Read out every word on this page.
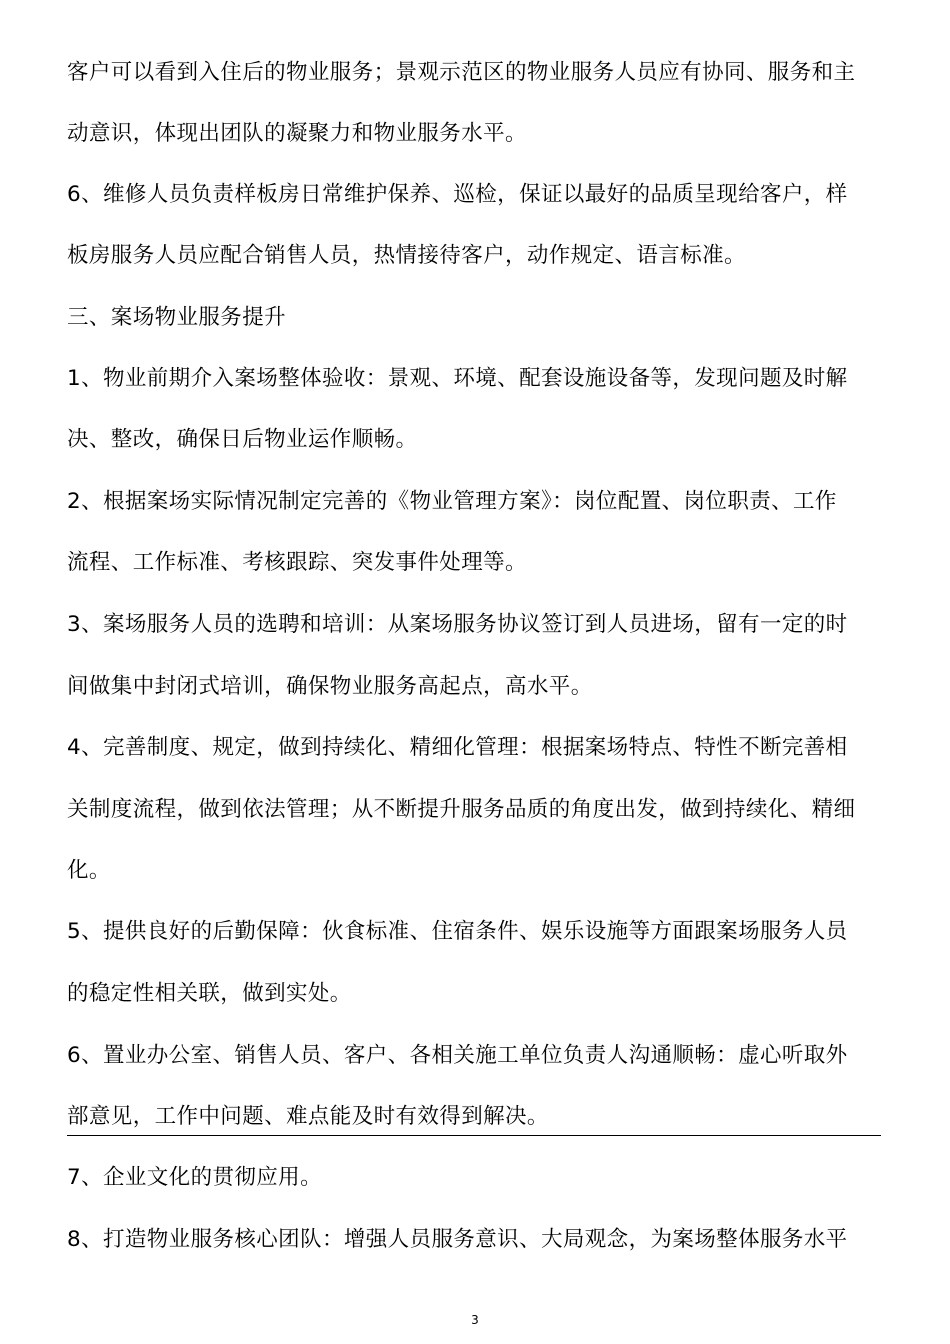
客户可以看到入住后的物业服务；景观示范区的物业服务人员应有协同、服务和主
动意识，体现出团队的凝聚力和物业服务水平。
6、维修人员负责样板房日常维护保养、巡检，保证以最好的品质呈现给客户，样
板房服务人员应配合销售人员，热情接待客户，动作规定、语言标准。
三、案场物业服务提升
1、物业前期介入案场整体验收：景观、环境、配套设施设备等，发现问题及时解
决、整改，确保日后物业运作顺畅。
2、根据案场实际情况制定完善的《物业管理方案》：岗位配置、岗位职责、工作
流程、工作标准、考核跟踪、突发事件处理等。
3、案场服务人员的选聘和培训：从案场服务协议签订到人员进场，留有一定的时
间做集中封闭式培训，确保物业服务高起点，高水平。
4、完善制度、规定，做到持续化、精细化管理：根据案场特点、特性不断完善相
关制度流程，做到依法管理；从不断提升服务品质的角度出发，做到持续化、精细
化。
5、提供良好的后勤保障：伙食标准、住宿条件、娱乐设施等方面跟案场服务人员
的稳定性相关联，做到实处。
6、置业办公室、销售人员、客户、各相关施工单位负责人沟通顺畅：虚心听取外
部意见，工作中问题、难点能及时有效得到解决。
7、企业文化的贯彻应用。
8、打造物业服务核心团队：增强人员服务意识、大局观念，为案场整体服务水平
3
